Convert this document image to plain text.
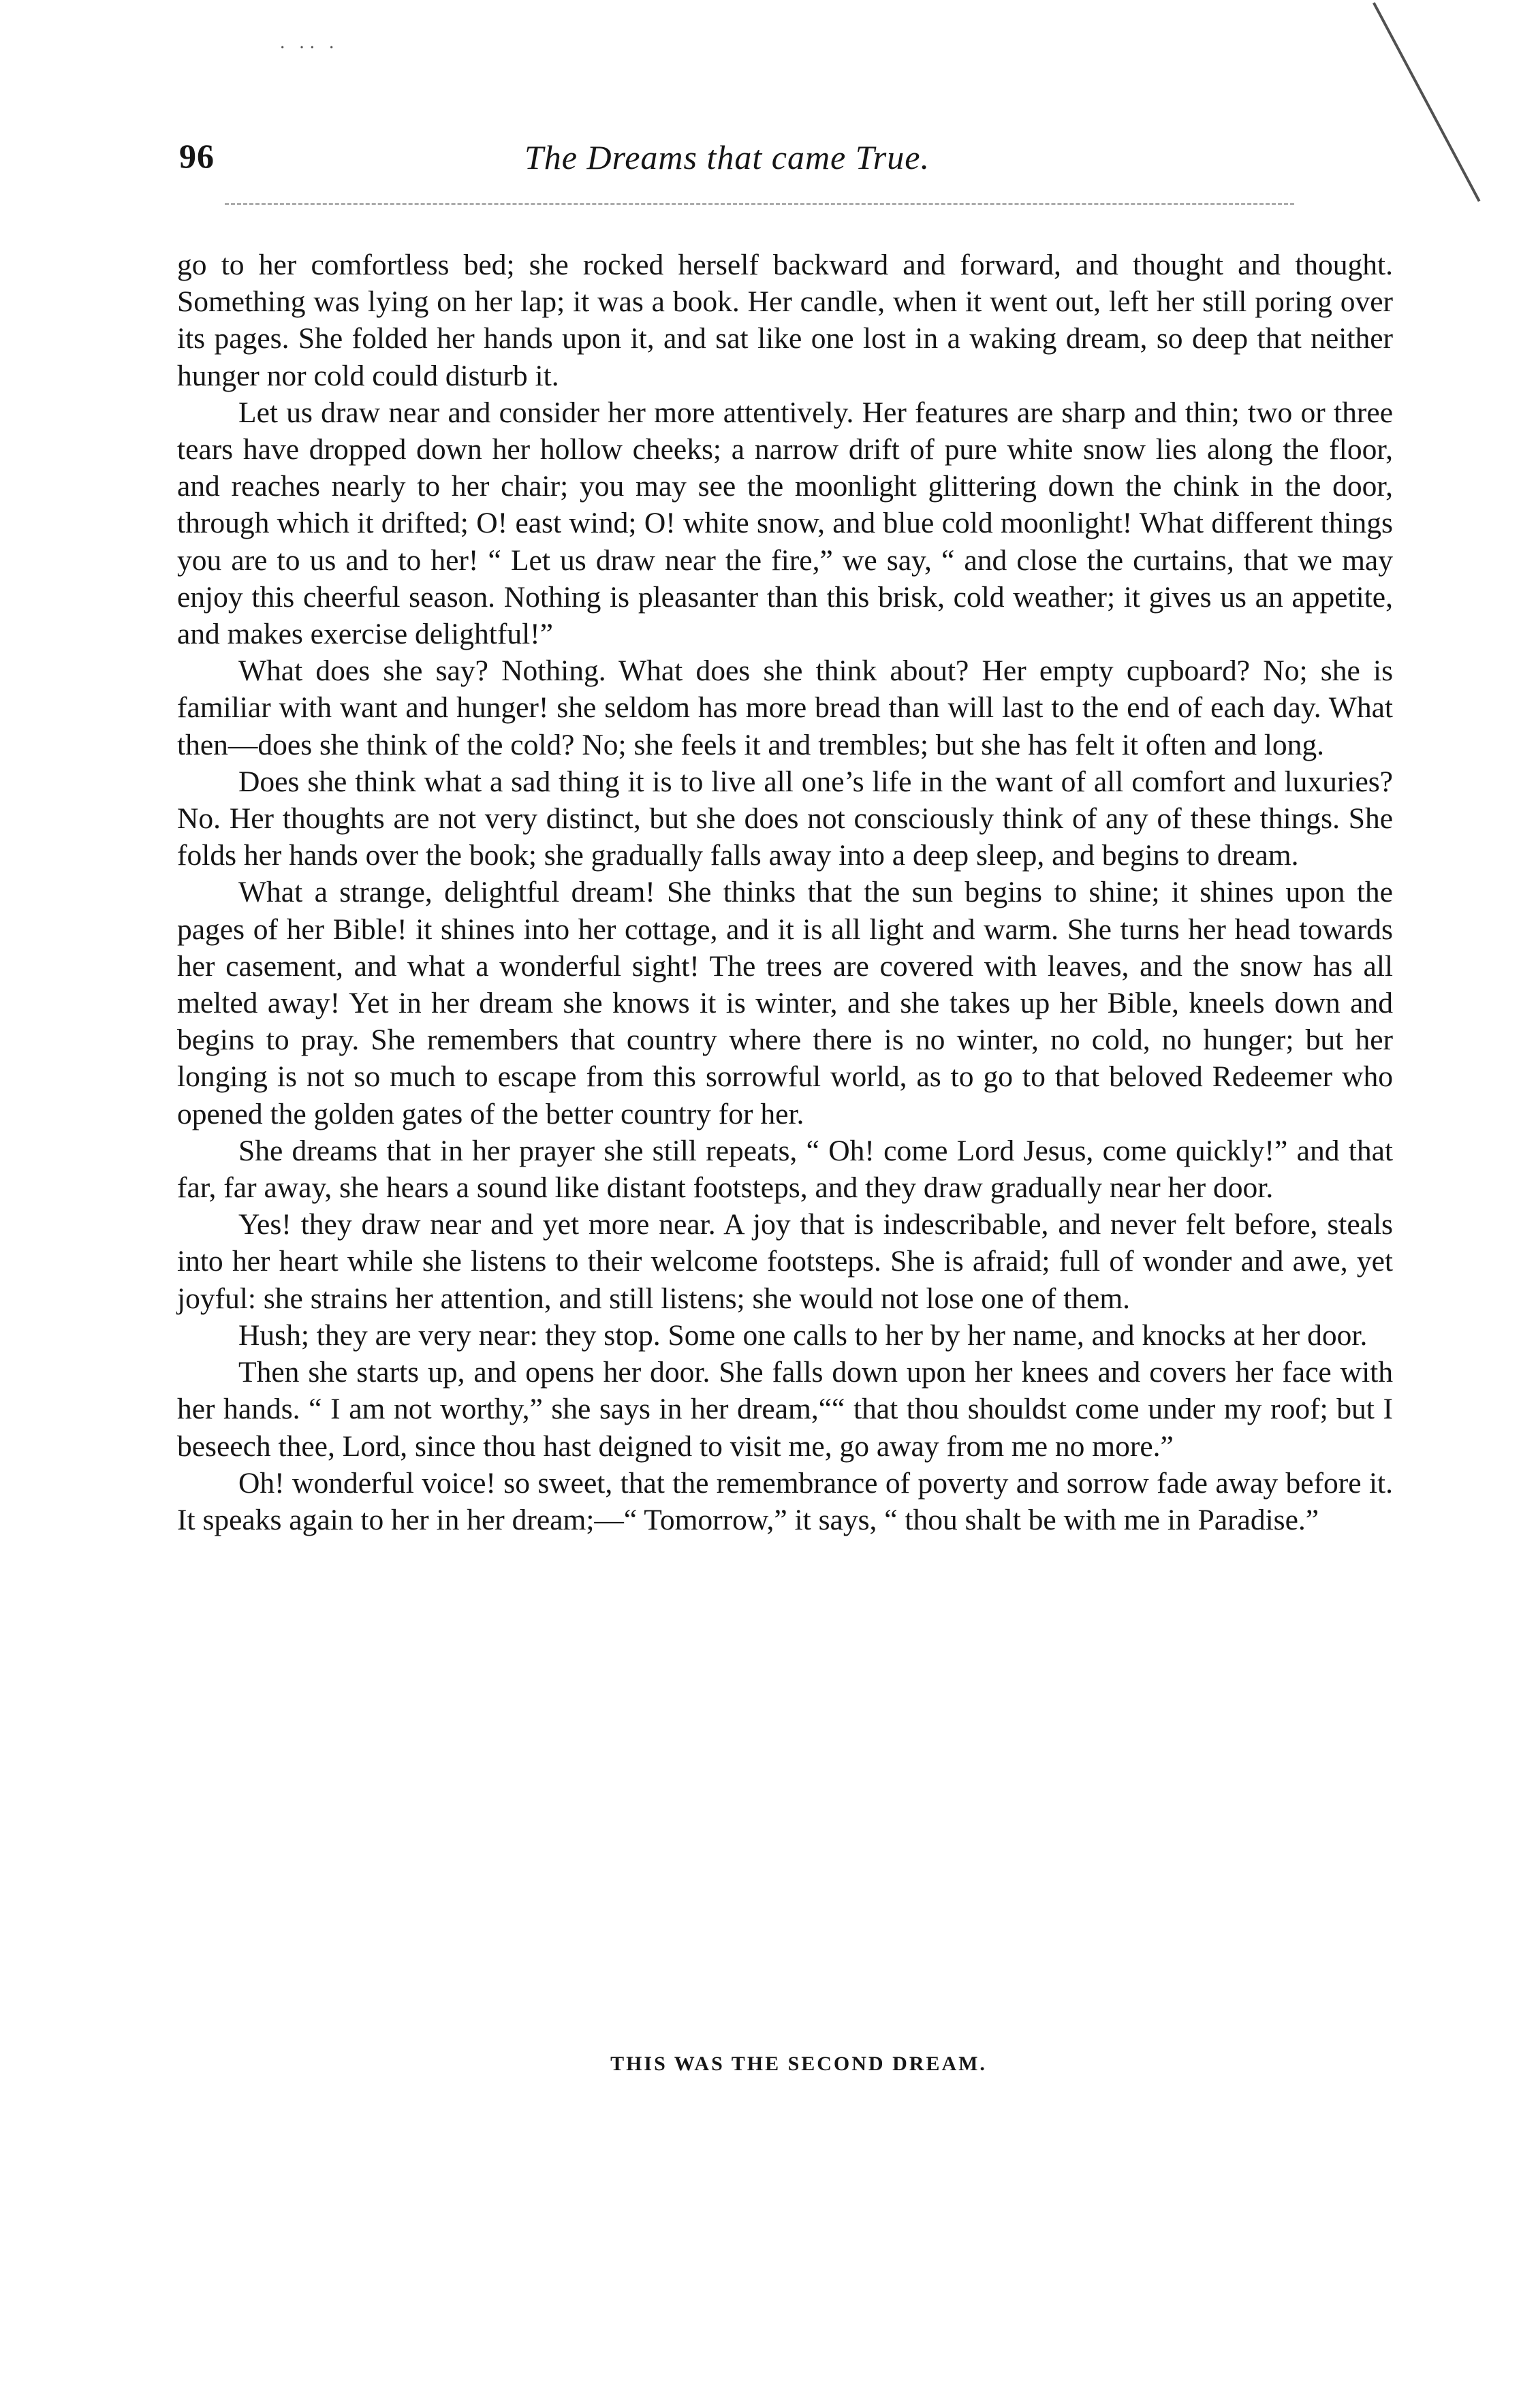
· ·· ·
96	The Dreams that came True.

go to her comfortless bed; she rocked herself backward and forward, and thought and thought. Something was lying on her lap; it was a book. Her candle, when it went out, left her still poring over its pages. She folded her hands upon it, and sat like one lost in a waking dream, so deep that neither hunger nor cold could disturb it.

Let us draw near and consider her more attentively. Her features are sharp and thin; two or three tears have dropped down her hollow cheeks; a narrow drift of pure white snow lies along the floor, and reaches nearly to her chair; you may see the moonlight glittering down the chink in the door, through which it drifted; O! east wind; O! white snow, and blue cold moonlight! What different things you are to us and to her! “ Let us draw near the fire,” we say, “ and close the curtains, that we may enjoy this cheerful season. Nothing is pleasanter than this brisk, cold weather; it gives us an appetite, and makes exercise delightful!”

What does she say? Nothing. What does she think about? Her empty cupboard? No; she is familiar with want and hunger! she seldom has more bread than will last to the end of each day. What then—does she think of the cold? No; she feels it and trembles; but she has felt it often and long.

Does she think what a sad thing it is to live all one’s life in the want of all comfort and luxuries? No. Her thoughts are not very distinct, but she does not consciously think of any of these things. She folds her hands over the book; she gradually falls away into a deep sleep, and begins to dream.

What a strange, delightful dream! She thinks that the sun begins to shine; it shines upon the pages of her Bible! it shines into her cottage, and it is all light and warm. She turns her head towards her casement, and what a wonderful sight! The trees are covered with leaves, and the snow has all melted away! Yet in her dream she knows it is winter, and she takes up her Bible, kneels down and begins to pray. She remembers that country where there is no winter, no cold, no hunger; but her longing is not so much to escape from this sorrowful world, as to go to that beloved Redeemer who opened the golden gates of the better country for her.

She dreams that in her prayer she still repeats, “ Oh! come Lord Jesus, come quickly!” and that far, far away, she hears a sound like distant footsteps, and they draw gradually near her door.

Yes! they draw near and yet more near. A joy that is indescribable, and never felt before, steals into her heart while she listens to their welcome footsteps. She is afraid; full of wonder and awe, yet joyful: she strains her attention, and still listens; she would not lose one of them.

Hush; they are very near: they stop. Some one calls to her by her name, and knocks at her door.

Then she starts up, and opens her door. She falls down upon her knees and covers her face with her hands. “ I am not worthy,” she says in her dream,““ that thou shouldst come under my roof; but I beseech thee, Lord, since thou hast deigned to visit me, go away from me no more.”

Oh! wonderful voice! so sweet, that the remembrance of poverty and sorrow fade away before it. It speaks again to her in her dream;—“ Tomorrow,” it says, “ thou shalt be with me in Paradise.”

THIS WAS THE SECOND DREAM.
